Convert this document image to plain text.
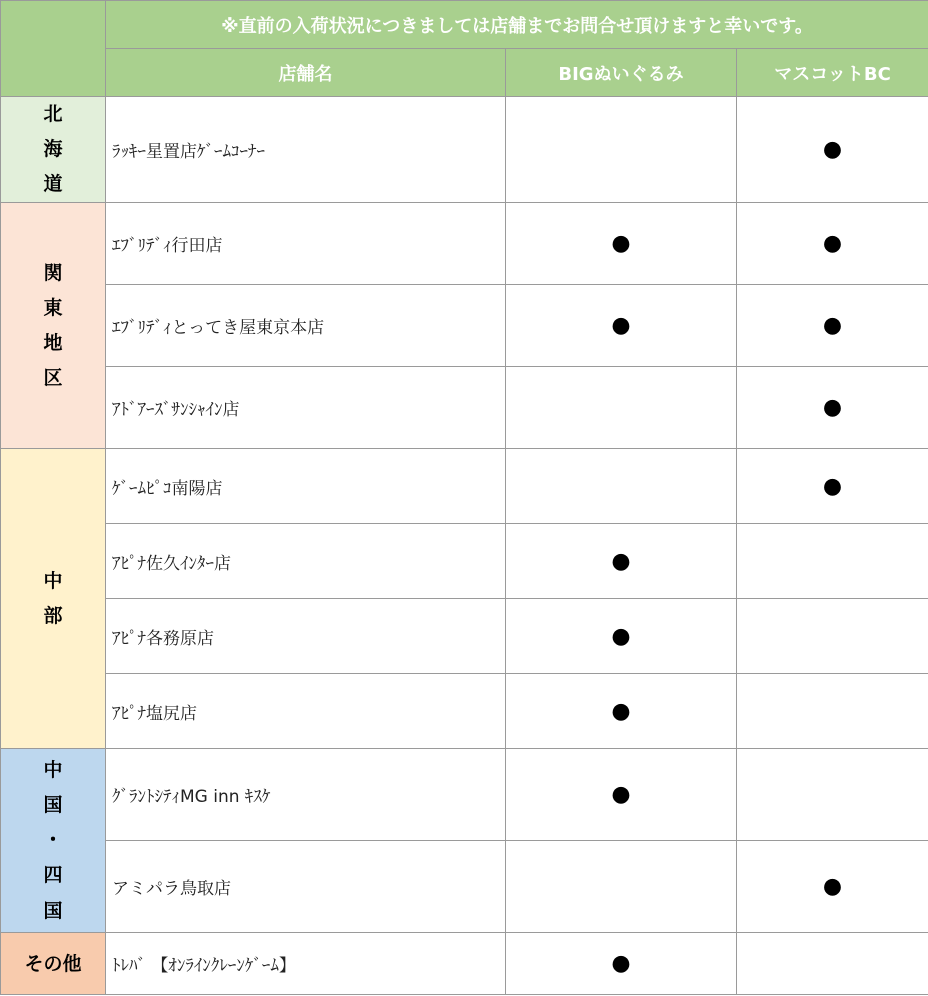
	※直前の入荷状況につきましては店舗までお問合せ頂けますと幸いです。		
	店舗名	BIGぬいぐるみ	マスコットBC
北
海
道	ﾗｯｷｰ星置店ｹﾞｰﾑｺｰﾅｰ		●
関
東
地
区	ｴﾌﾞﾘﾃﾞｨ行田店	●	●
	ｴﾌﾞﾘﾃﾞｨとってき屋東京本店	●	●
	ｱﾄﾞｱｰｽﾞｻﾝｼｬｲﾝ店		●
中
部	ｹﾞｰﾑﾋﾟｺ南陽店		●
	ｱﾋﾟﾅ佐久ｲﾝﾀｰ店	●	
	ｱﾋﾟﾅ各務原店	●	
	ｱﾋﾟﾅ塩尻店	●	
中
国
・
四
国	ｸﾞﾗﾝﾄｼﾃｨMG inn ｷｽｹ	●	
	アミパラ鳥取店		●
その他	ﾄﾚﾊﾞ 【ｵﾝﾗｲﾝｸﾚｰﾝｹﾞｰﾑ】	●	
